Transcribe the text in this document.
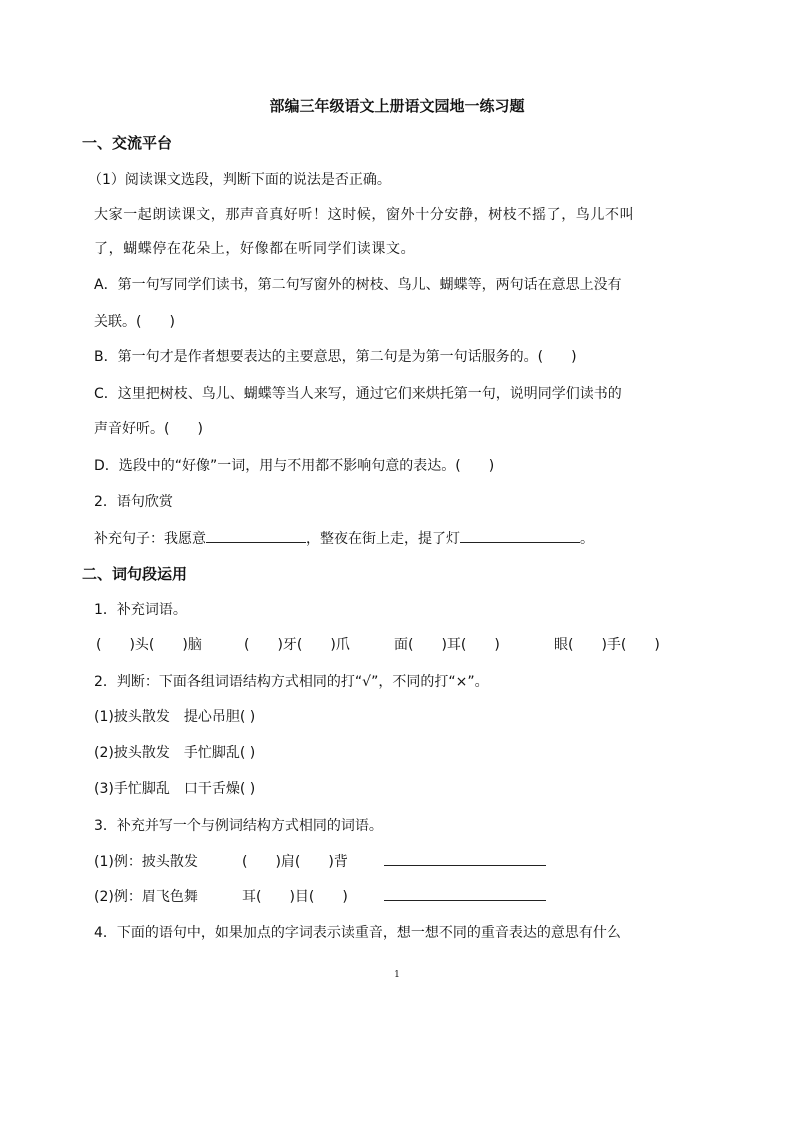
部编三年级语文上册语文园地一练习题
一、交流平台
（1）阅读课文选段，判断下面的说法是否正确。
大家一起朗读课文，那声音真好听！这时候，窗外十分安静，树枝不摇了，鸟儿不叫
了，蝴蝶停在花朵上，好像都在听同学们读课文。
A．第一句写同学们读书，第二句写窗外的树枝、鸟儿、蝴蝶等，两句话在意思上没有
关联。(　　)
B．第一句才是作者想要表达的主要意思，第二句是为第一句话服务的。(　　)
C．这里把树枝、鸟儿、蝴蝶等当人来写，通过它们来烘托第一句，说明同学们读书的
声音好听。(　　)
D．选段中的“好像”一词，用与不用都不影响句意的表达。(　　)
2．语句欣赏
补充句子：我愿意	，整夜在街上走，提了灯	。
二、词句段运用
1．补充词语。
(　　)头(　　)脑	(　　)牙(　　)爪	面(　　)耳(　　)	眼(　　)手(　　)
2．判断：下面各组词语结构方式相同的打“√”，不同的打“×”。
(1)披头散发　提心吊胆( )
(2)披头散发　手忙脚乱( )
(3)手忙脚乱　口干舌燥( )
3．补充并写一个与例词结构方式相同的词语。
(1)例：披头散发	(　　)肩(　　)背
(2)例：眉飞色舞	耳(　　)目(　　)
4．下面的语句中，如果加点的字词表示读重音，想一想不同的重音表达的意思有什么
1
